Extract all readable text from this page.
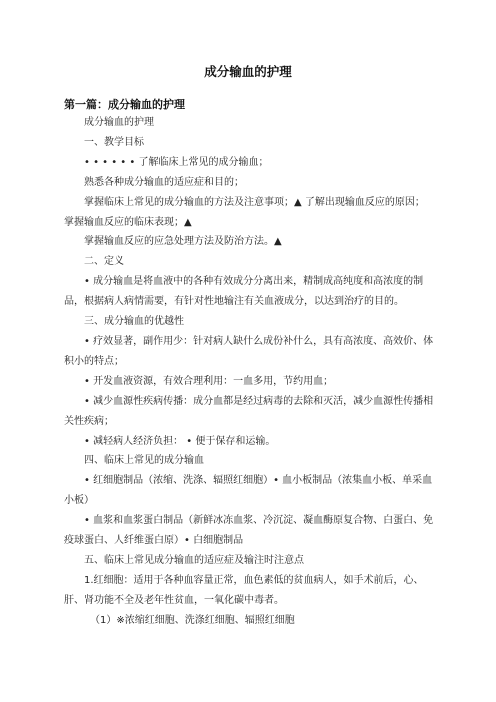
成分输血的护理
第一篇：成分输血的护理

成分输血的护理

一、教学目标

• • • • • • 了解临床上常见的成分输血；

熟悉各种成分输血的适应症和目的；

掌握临床上常见的成分输血的方法及注意事项；▲ 了解出现输血反应的原因； 掌握输血反应的临床表现；▲

掌握输血反应的应急处理方法及防治方法。▲

二、定义

• 成分输血是将血液中的各种有效成分分离出来，精制成高纯度和高浓度的制品，根据病人病情需要，有针对性地输注有关血液成分，以达到治疗的目的。

三、成分输血的优越性

• 疗效显著，副作用少：针对病人缺什么成份补什么，具有高浓度、高效价、体积小的特点；

• 开发血液资源，有效合理利用：一血多用，节约用血；

• 减少血源性疾病传播：成分血都是经过病毒的去除和灭活，减少血源性传播相关性疾病；

• 减轻病人经济负担： • 便于保存和运输。

四、临床上常见的成分输血

• 红细胞制品（浓缩、洗涤、辐照红细胞）• 血小板制品（浓集血小板、单采血小板）

• 血浆和血浆蛋白制品（新鲜冰冻血浆、冷沉淀、凝血酶原复合物、白蛋白、免疫球蛋白、人纤维蛋白原）• 白细胞制品

五、临床上常见成分输血的适应症及输注时注意点

1.红细胞：适用于各种血容量正常，血色素低的贫血病人，如手术前后，心、肝、肾功能不全及老年性贫血，一氧化碳中毒者。

（1）※浓缩红细胞、洗涤红细胞、辐照红细胞
